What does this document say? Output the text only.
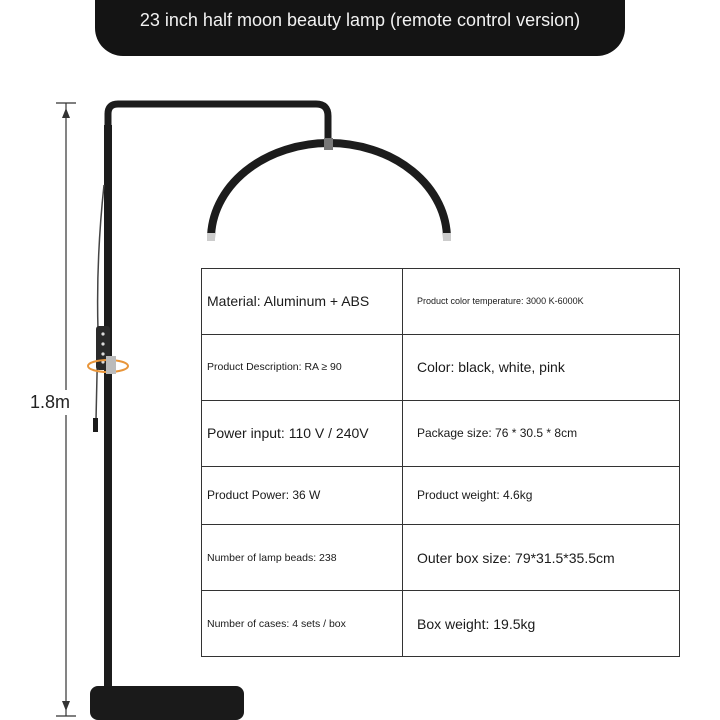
23 inch half moon beauty lamp (remote control version)
1.8m
Material: Aluminum + ABS	Product color temperature: 3000 K-6000K
Product Description: RA ≥ 90	Color: black, white, pink
Power input: 110 V / 240V	Package size: 76 * 30.5 * 8cm
Product Power: 36 W	Product weight: 4.6kg
Number of lamp beads: 238	Outer box size: 79*31.5*35.5cm
Number of cases: 4 sets / box	Box weight: 19.5kg
